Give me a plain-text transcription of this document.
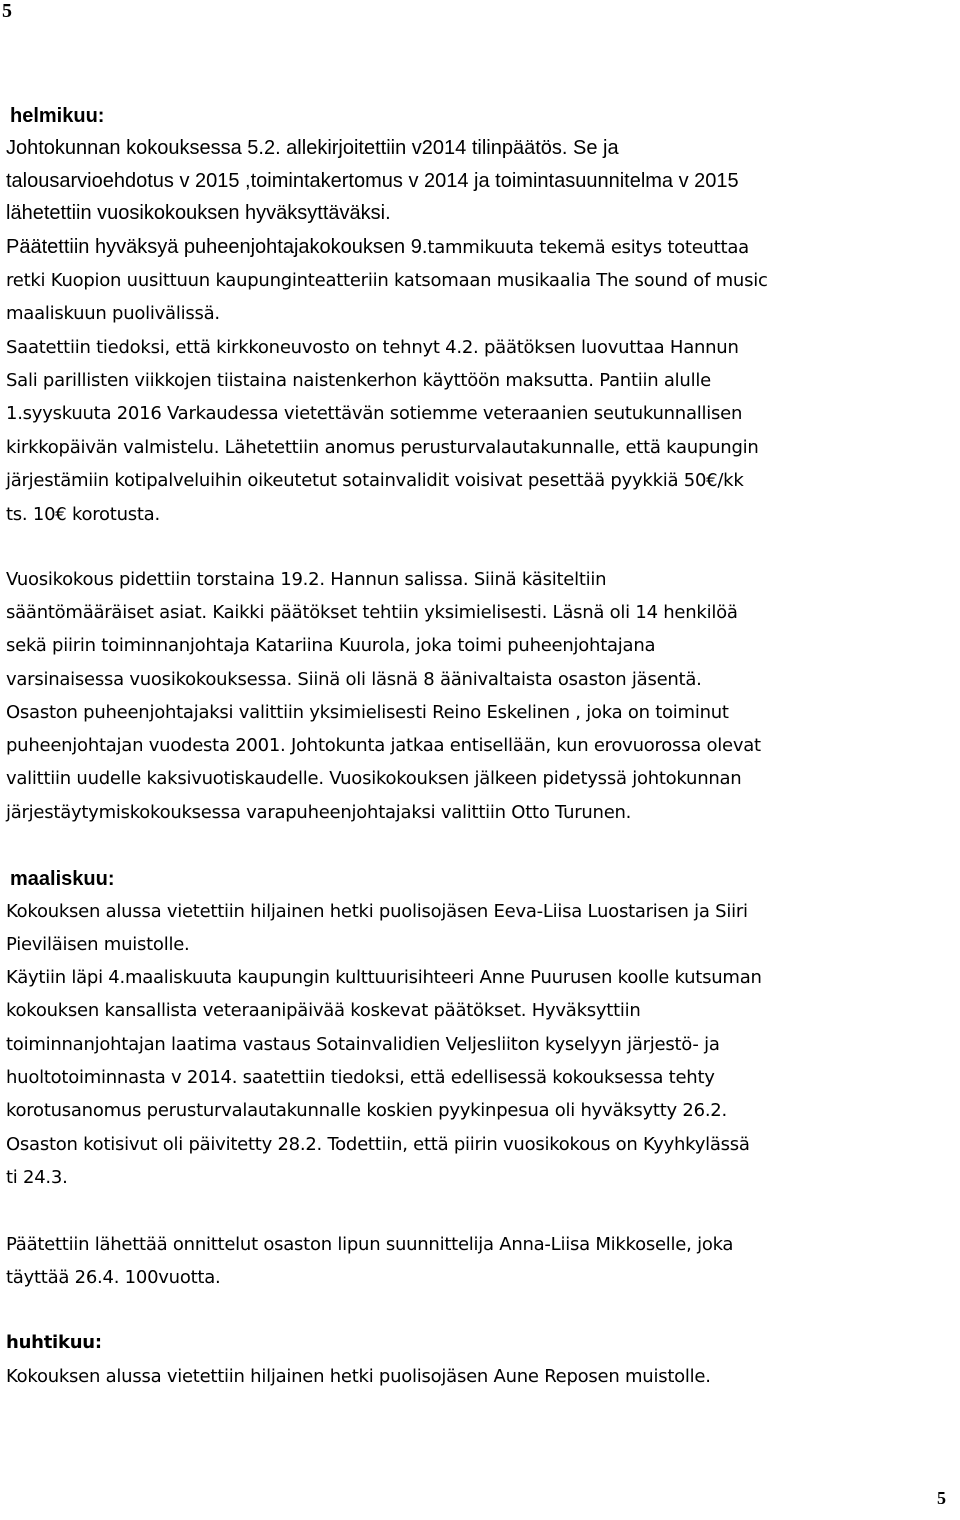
5
helmikuu:
Johtokunnan kokouksessa 5.2. allekirjoitettiin v2014 tilinpäätös. Se ja
talousarvioehdotus v 2015 ,toimintakertomus v 2014 ja toimintasuunnitelma v 2015
lähetettiin vuosikokouksen hyväksyttäväksi.
Päätettiin hyväksyä puheenjohtajakokouksen 9.tammikuuta tekemä esitys toteuttaa
retki Kuopion uusittuun kaupunginteatteriin katsomaan musikaalia The sound of music
maaliskuun puolivälissä.
Saatettiin tiedoksi, että kirkkoneuvosto on tehnyt 4.2. päätöksen luovuttaa Hannun
Sali parillisten viikkojen tiistaina naistenkerhon käyttöön maksutta. Pantiin alulle
1.syyskuuta 2016 Varkaudessa vietettävän sotiemme veteraanien seutukunnallisen
kirkkopäivän valmistelu. Lähetettiin anomus perusturvalautakunnalle, että kaupungin
järjestämiin kotipalveluihin oikeutetut sotainvalidit voisivat pesettää pyykkiä 50€/kk
ts. 10€ korotusta.
Vuosikokous pidettiin torstaina 19.2. Hannun salissa. Siinä käsiteltiin
sääntömääräiset asiat. Kaikki päätökset tehtiin yksimielisesti. Läsnä oli 14 henkilöä
sekä piirin toiminnanjohtaja Katariina Kuurola, joka toimi puheenjohtajana
varsinaisessa vuosikokouksessa. Siinä oli läsnä 8 äänivaltaista osaston jäsentä.
Osaston puheenjohtajaksi valittiin yksimielisesti Reino Eskelinen , joka on toiminut
puheenjohtajan vuodesta 2001. Johtokunta jatkaa entisellään, kun erovuorossa olevat
valittiin uudelle kaksivuotiskaudelle. Vuosikokouksen jälkeen pidetyssä johtokunnan
järjestäytymiskokouksessa varapuheenjohtajaksi valittiin Otto Turunen.
maaliskuu:
Kokouksen alussa vietettiin hiljainen hetki puolisojäsen Eeva-Liisa Luostarisen ja Siiri
Pieviläisen muistolle.
Käytiin läpi 4.maaliskuuta kaupungin kulttuurisihteeri Anne Puurusen koolle kutsuman
kokouksen kansallista veteraanipäivää koskevat päätökset. Hyväksyttiin
toiminnanjohtajan laatima vastaus Sotainvalidien Veljesliiton kyselyyn järjestö- ja
huoltotoiminnasta v 2014. saatettiin tiedoksi, että edellisessä kokouksessa tehty
korotusanomus perusturvalautakunnalle koskien pyykinpesua oli hyväksytty 26.2.
Osaston kotisivut oli päivitetty 28.2. Todettiin, että piirin vuosikokous on Kyyhkylässä
ti 24.3.
Päätettiin lähettää onnittelut osaston lipun suunnittelija Anna-Liisa Mikkoselle, joka
täyttää 26.4. 100vuotta.
huhtikuu:
Kokouksen alussa vietettiin hiljainen hetki puolisojäsen Aune Reposen muistolle.
5
